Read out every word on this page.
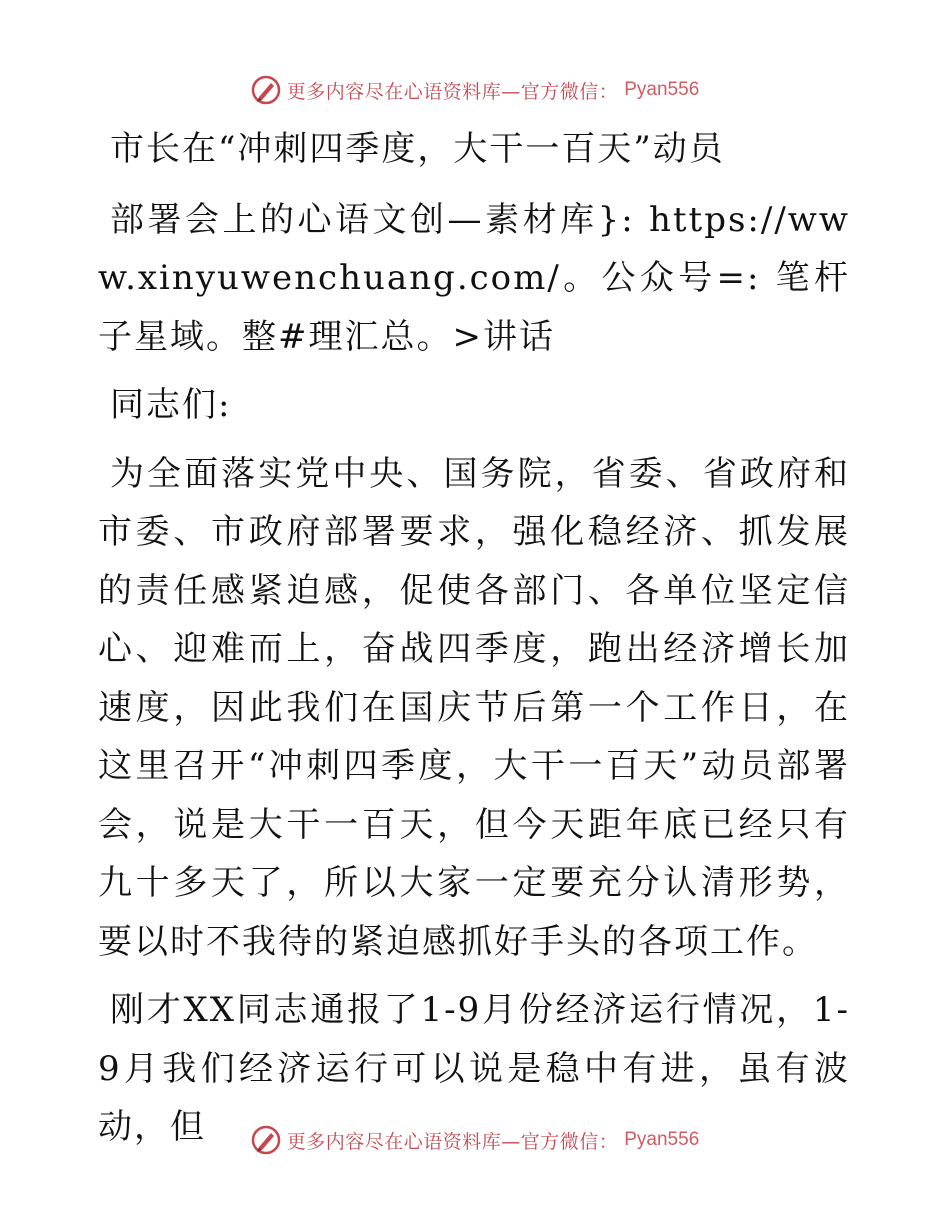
更多内容尽在心语资料库—官方微信： Pyan556

市长在“冲刺四季度，大干一百天”动员

部署会上的心语文创—素材库}: https://www.xinyuwenchuang.com/。公众号=: 笔杆子星域。整#理汇总。>讲话

同志们:

为全面落实党中央、国务院，省委、省政府和市委、市政府部署要求，强化稳经济、抓发展的责任感紧迫感，促使各部门、各单位坚定信心、迎难而上，奋战四季度，跑出经济增长加速度，因此我们在国庆节后第一个工作日，在这里召开“冲刺四季度，大干一百天”动员部署会，说是大干一百天，但今天距年底已经只有九十多天了，所以大家一定要充分认清形势，要以时不我待的紧迫感抓好手头的各项工作。

刚才XX同志通报了1-9月份经济运行情况，1-9月我们经济运行可以说是稳中有进，虽有波动，但	更多内容尽在心语资料库—官方微信： Pyan556
